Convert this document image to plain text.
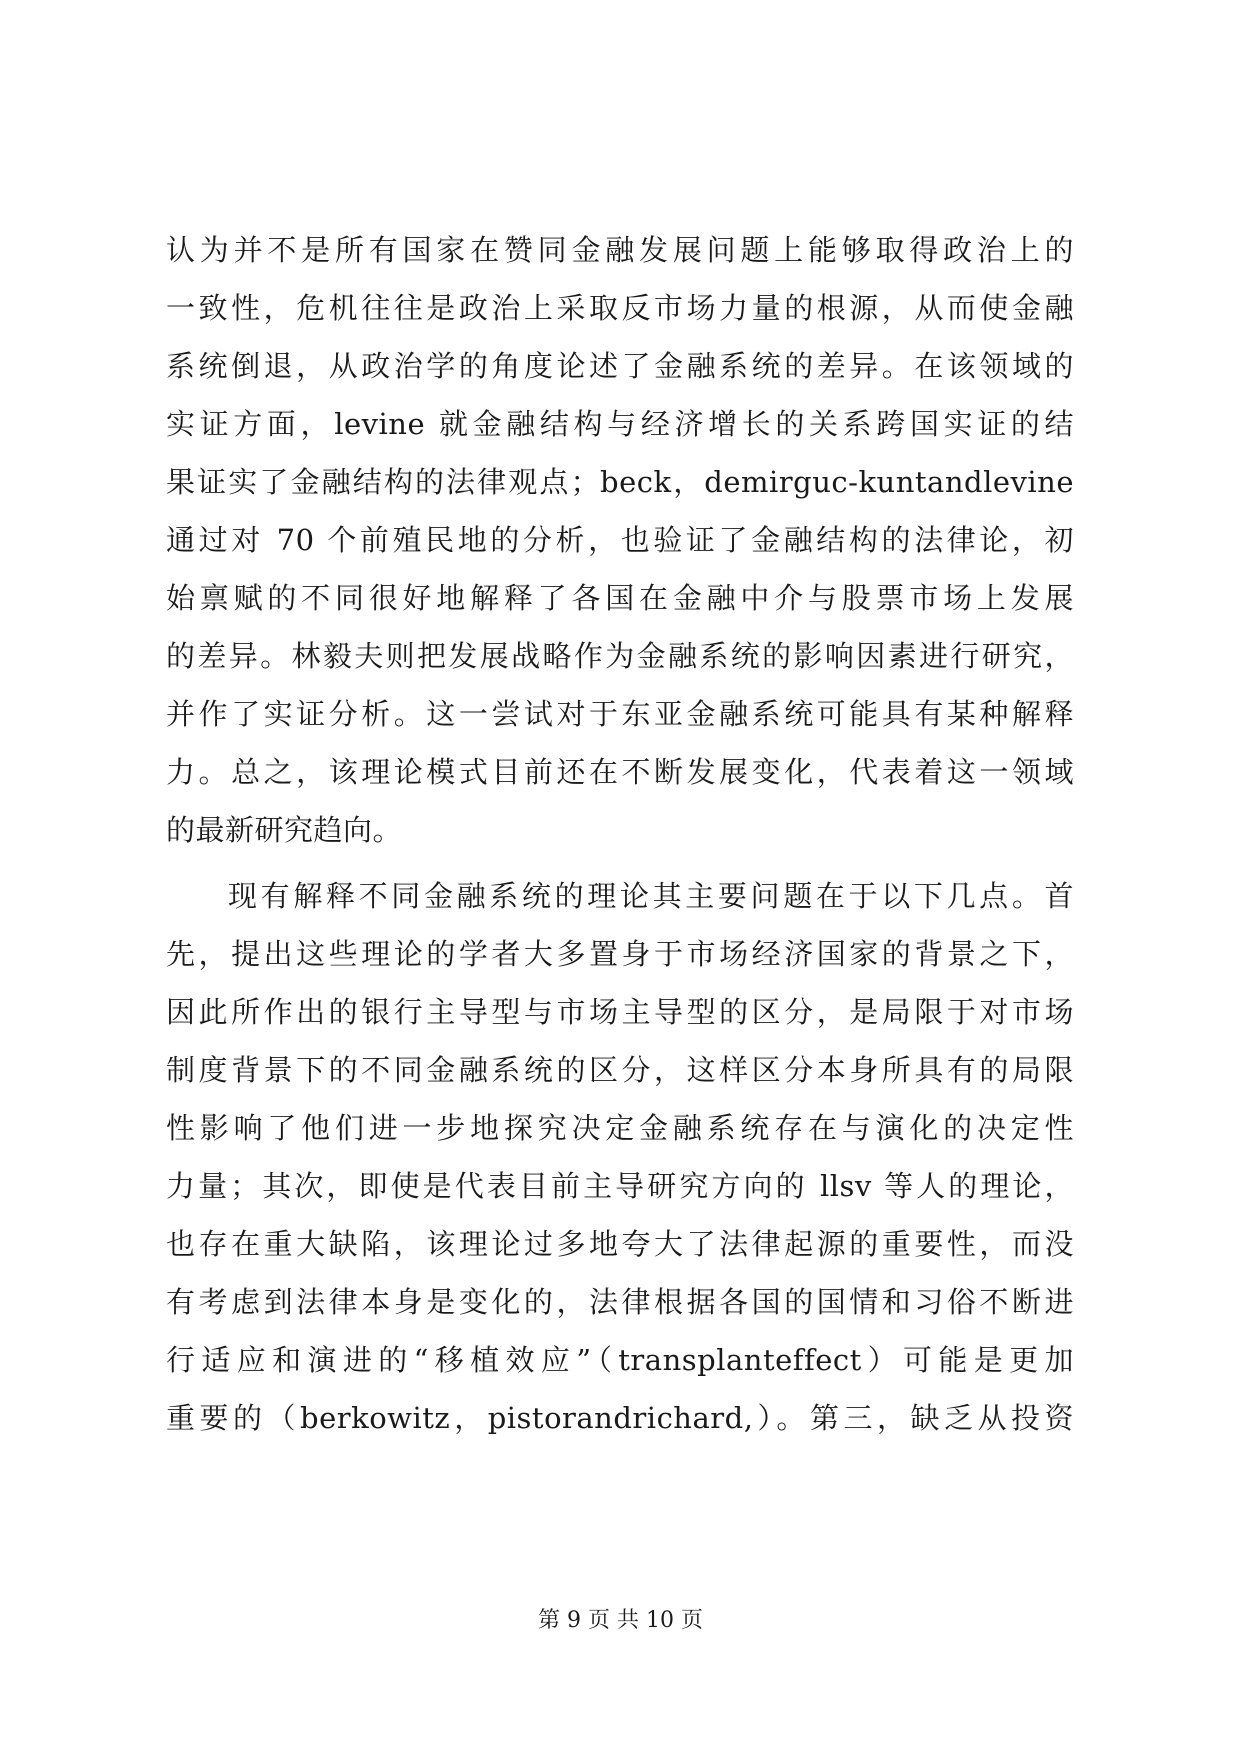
认为并不是所有国家在赞同金融发展问题上能够取得政治上的
一致性，危机往往是政治上采取反市场力量的根源，从而使金融
系统倒退，从政治学的角度论述了金融系统的差异。在该领域的
实证方面，levine 就金融结构与经济增长的关系跨国实证的结
果证实了金融结构的法律观点；beck，demirguc-kuntandlevine
通过对 70 个前殖民地的分析，也验证了金融结构的法律论，初
始禀赋的不同很好地解释了各国在金融中介与股票市场上发展
的差异。林毅夫则把发展战略作为金融系统的影响因素进行研究，
并作了实证分析。这一尝试对于东亚金融系统可能具有某种解释
力。总之，该理论模式目前还在不断发展变化，代表着这一领域
的最新研究趋向。
现有解释不同金融系统的理论其主要问题在于以下几点。首
先，提出这些理论的学者大多置身于市场经济国家的背景之下，
因此所作出的银行主导型与市场主导型的区分，是局限于对市场
制度背景下的不同金融系统的区分，这样区分本身所具有的局限
性影响了他们进一步地探究决定金融系统存在与演化的决定性
力量；其次，即使是代表目前主导研究方向的 llsv 等人的理论，
也存在重大缺陷，该理论过多地夸大了法律起源的重要性，而没
有考虑到法律本身是变化的，法律根据各国的国情和习俗不断进
行适应和演进的“移植效应”（transplanteffect）可能是更加
重要的（berkowitz，pistorandrichard,）。第三，缺乏从投资
第 9 页 共 10 页
